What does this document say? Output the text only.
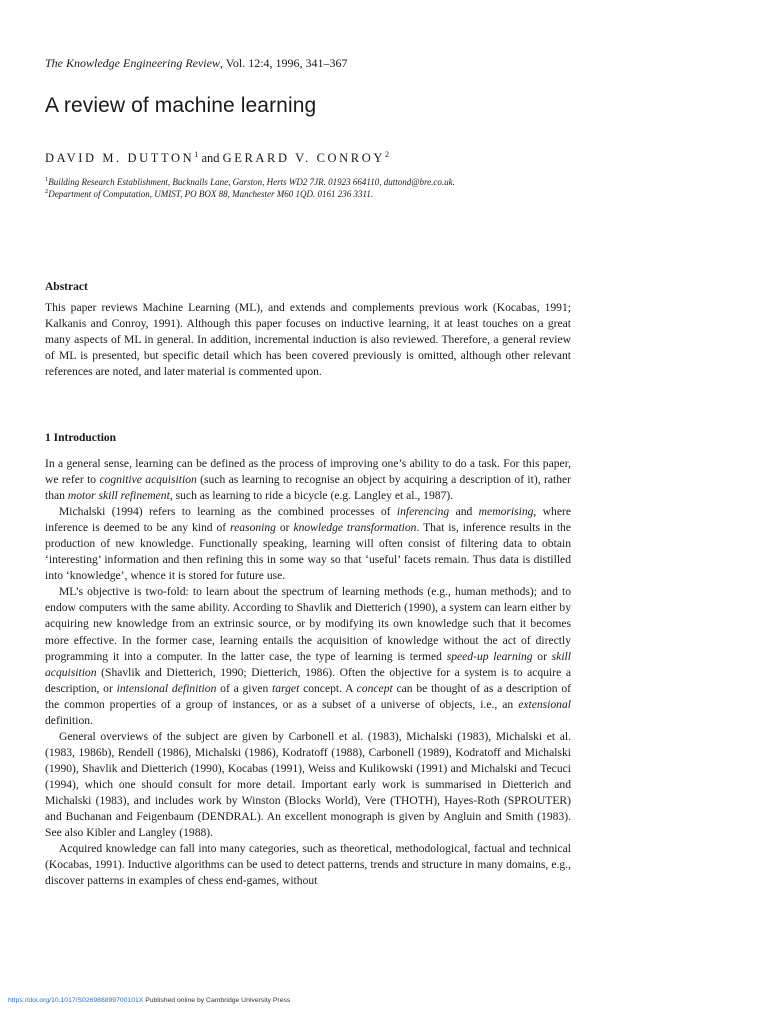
The Knowledge Engineering Review, Vol. 12:4, 1996, 341–367
A review of machine learning
DAVID M. DUTTON$^1$ and GERARD V. CONROY$^2$
$^1$Building Research Establishment, Bucknalls Lane, Garston, Herts WD2 7JR. 01923 664110, duttond@bre.co.uk.
$^2$Department of Computation, UMIST, PO BOX 88, Manchester M60 1QD. 0161 236 3311.
Abstract

This paper reviews Machine Learning (ML), and extends and complements previous work (Kocabas, 1991; Kalkanis and Conroy, 1991). Although this paper focuses on inductive learning, it at least touches on a great many aspects of ML in general. In addition, incremental induction is also reviewed. Therefore, a general review of ML is presented, but specific detail which has been covered previously is omitted, although other relevant references are noted, and later material is commented upon.

1 Introduction

In a general sense, learning can be defined as the process of improving one’s ability to do a task. For this paper, we refer to cognitive acquisition (such as learning to recognise an object by acquiring a description of it), rather than motor skill refinement, such as learning to ride a bicycle (e.g. Langley et al., 1987).

Michalski (1994) refers to learning as the combined processes of inferencing and memorising, where inference is deemed to be any kind of reasoning or knowledge transformation. That is, inference results in the production of new knowledge. Functionally speaking, learning will often consist of filtering data to obtain ‘interesting’ information and then refining this in some way so that ‘useful’ facets remain. Thus data is distilled into ‘knowledge’, whence it is stored for future use.

ML’s objective is two-fold: to learn about the spectrum of learning methods (e.g., human methods); and to endow computers with the same ability. According to Shavlik and Dietterich (1990), a system can learn either by acquiring new knowledge from an extrinsic source, or by modifying its own knowledge such that it becomes more effective. In the former case, learning entails the acquisition of knowledge without the act of directly programming it into a computer. In the latter case, the type of learning is termed speed-up learning or skill acquisition (Shavlik and Dietterich, 1990; Dietterich, 1986). Often the objective for a system is to acquire a description, or intensional definition of a given target concept. A concept can be thought of as a description of the common properties of a group of instances, or as a subset of a universe of objects, i.e., an extensional definition.

General overviews of the subject are given by Carbonell et al. (1983), Michalski (1983), Michalski et al. (1983, 1986b), Rendell (1986), Michalski (1986), Kodratoff (1988), Carbonell (1989), Kodratoff and Michalski (1990), Shavlik and Dietterich (1990), Kocabas (1991), Weiss and Kulikowski (1991) and Michalski and Tecuci (1994), which one should consult for more detail. Important early work is summarised in Dietterich and Michalski (1983), and includes work by Winston (Blocks World), Vere (THOTH), Hayes-Roth (SPROUTER) and Buchanan and Feigenbaum (DENDRAL). An excellent monograph is given by Angluin and Smith (1983). See also Kibler and Langley (1988).

Acquired knowledge can fall into many categories, such as theoretical, methodological, factual and technical (Kocabas, 1991). Inductive algorithms can be used to detect patterns, trends and structure in many domains, e.g., discover patterns in examples of chess end-games, without

https://doi.org/10.1017/S026988899700101X Published online by Cambridge University Press
